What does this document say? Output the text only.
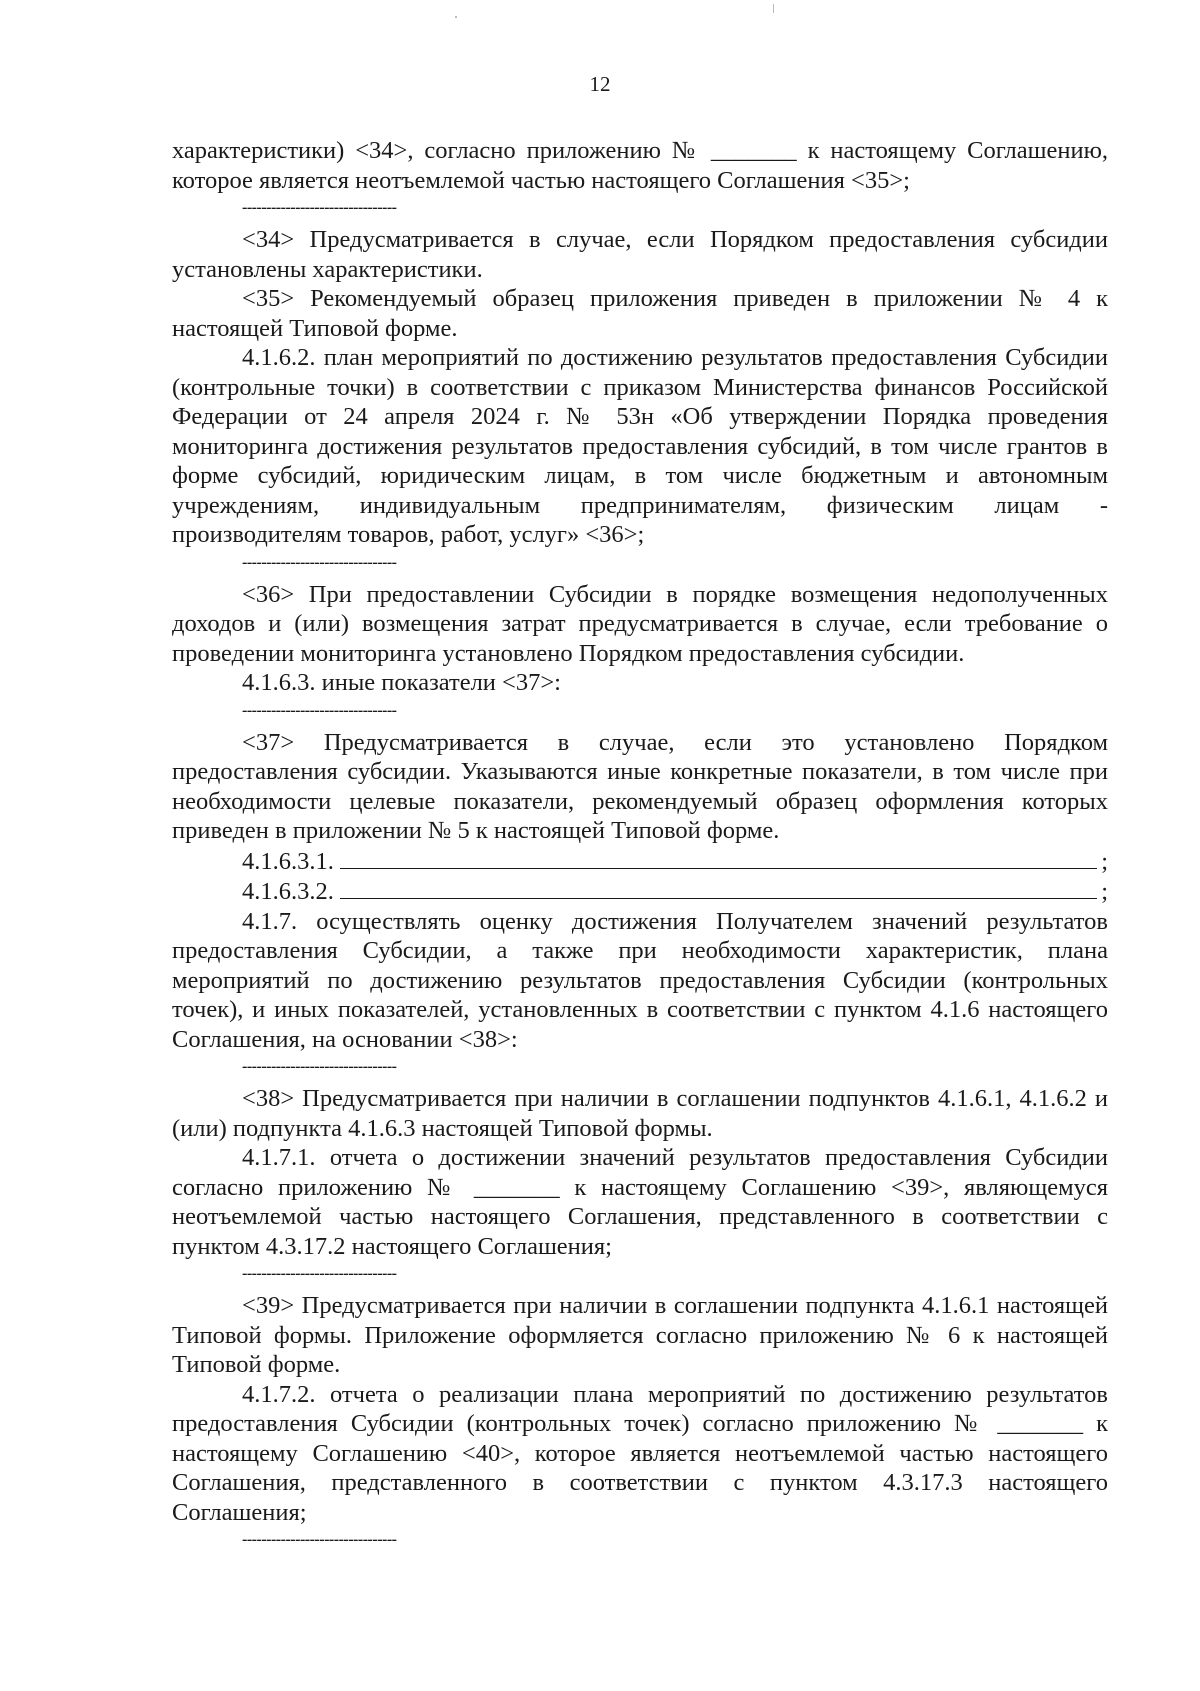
12

характеристики) <34>, согласно приложению № _______ к настоящему Соглашению, которое является неотъемлемой частью настоящего Соглашения <35>;

--------------------------------

<34> Предусматривается в случае, если Порядком предоставления субсидии установлены характеристики.

<35> Рекомендуемый образец приложения приведен в приложении № 4 к настоящей Типовой форме.

4.1.6.2. план мероприятий по достижению результатов предоставления Субсидии (контрольные точки) в соответствии с приказом Министерства финансов Российской Федерации от 24 апреля 2024 г. № 53н «Об утверждении Порядка проведения мониторинга достижения результатов предоставления субсидий, в том числе грантов в форме субсидий, юридическим лицам, в том числе бюджетным и автономным учреждениям, индивидуальным предпринимателям, физическим лицам - производителям товаров, работ, услуг» <36>;

--------------------------------

<36> При предоставлении Субсидии в порядке возмещения недополученных доходов и (или) возмещения затрат предусматривается в случае, если требование о проведении мониторинга установлено Порядком предоставления субсидии.

4.1.6.3. иные показатели <37>:

--------------------------------

<37> Предусматривается в случае, если это установлено Порядком предоставления субсидии. Указываются иные конкретные показатели, в том числе при необходимости целевые показатели, рекомендуемый образец оформления которых приведен в приложении № 5 к настоящей Типовой форме.

4.1.6.3.1.	;
4.1.6.3.2.	;

4.1.7. осуществлять оценку достижения Получателем значений результатов предоставления Субсидии, а также при необходимости характеристик, плана мероприятий по достижению результатов предоставления Субсидии (контрольных точек), и иных показателей, установленных в соответствии с пунктом 4.1.6 настоящего Соглашения, на основании <38>:

--------------------------------

<38> Предусматривается при наличии в соглашении подпунктов 4.1.6.1, 4.1.6.2 и (или) подпункта 4.1.6.3 настоящей Типовой формы.

4.1.7.1. отчета о достижении значений результатов предоставления Субсидии согласно приложению № _______ к настоящему Соглашению <39>, являющемуся неотъемлемой частью настоящего Соглашения, представленного в соответствии с пунктом 4.3.17.2 настоящего Соглашения;

--------------------------------

<39> Предусматривается при наличии в соглашении подпункта 4.1.6.1 настоящей Типовой формы. Приложение оформляется согласно приложению № 6 к настоящей Типовой форме.

4.1.7.2. отчета о реализации плана мероприятий по достижению результатов предоставления Субсидии (контрольных точек) согласно приложению № _______ к настоящему Соглашению <40>, которое является неотъемлемой частью настоящего Соглашения, представленного в соответствии с пунктом 4.3.17.3 настоящего Соглашения;

--------------------------------
